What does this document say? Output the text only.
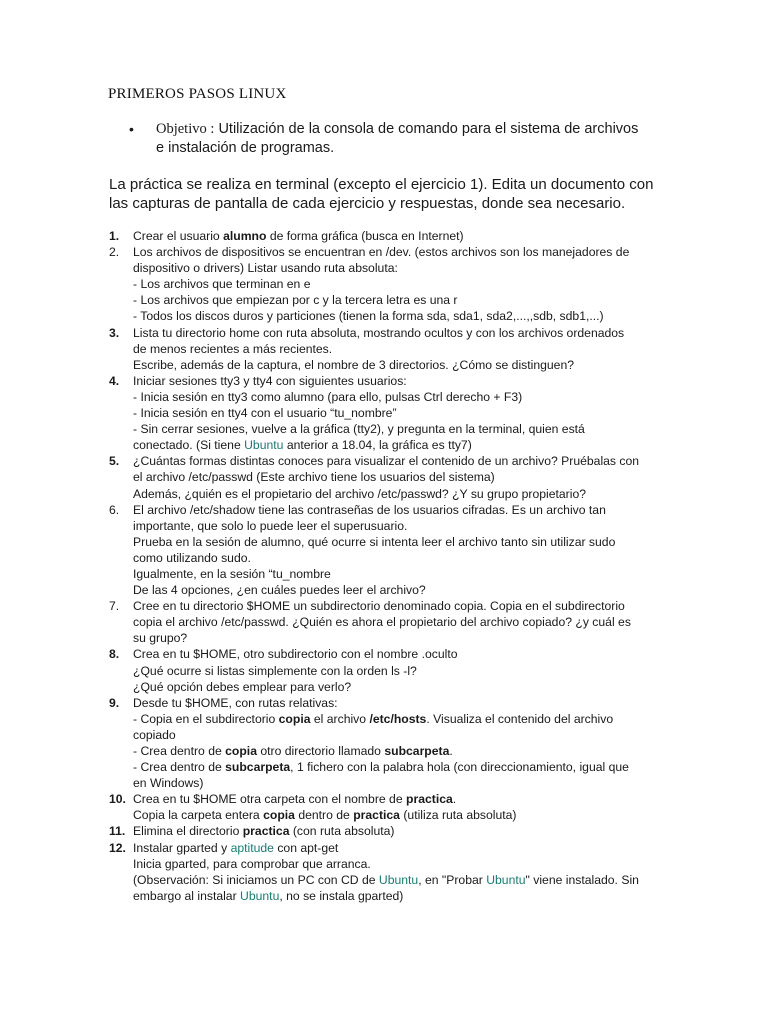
PRIMEROS PASOS LINUX
• Objetivo : Utilización de la consola de comando para el sistema de archivos
e instalación de programas.

La práctica se realiza en terminal (excepto el ejercicio 1). Edita un documento con
las capturas de pantalla de cada ejercicio y respuestas, donde sea necesario.

1. Crear el usuario alumno de forma gráfica (busca en Internet)
2. Los archivos de dispositivos se encuentran en /dev. (estos archivos son los manejadores de
dispositivo o drivers) Listar usando ruta absoluta:
- Los archivos que terminan en e
- Los archivos que empiezan por c y la tercera letra es una r
- Todos los discos duros y particiones (tienen la forma sda, sda1, sda2,...,,sdb, sdb1,...)
3. Lista tu directorio home con ruta absoluta, mostrando ocultos y con los archivos ordenados
de menos recientes a más recientes.
Escribe, además de la captura, el nombre de 3 directorios. ¿Cómo se distinguen?
4. Iniciar sesiones tty3 y tty4 con siguientes usuarios:
- Inicia sesión en tty3 como alumno (para ello, pulsas Ctrl derecho + F3)
- Inicia sesión en tty4 con el usuario “tu_nombre”
- Sin cerrar sesiones, vuelve a la gráfica (tty2), y pregunta en la terminal, quien está
conectado. (Si tiene Ubuntu anterior a 18.04, la gráfica es tty7)
5. ¿Cuántas formas distintas conoces para visualizar el contenido de un archivo? Pruébalas con
el archivo /etc/passwd (Este archivo tiene los usuarios del sistema)
Además, ¿quién es el propietario del archivo /etc/passwd? ¿Y su grupo propietario?
6. El archivo /etc/shadow tiene las contraseñas de los usuarios cifradas. Es un archivo tan
importante, que solo lo puede leer el superusuario.
Prueba en la sesión de alumno, qué ocurre si intenta leer el archivo tanto sin utilizar sudo
como utilizando sudo.
Igualmente, en la sesión “tu_nombre
De las 4 opciones, ¿en cuáles puedes leer el archivo?
7. Cree en tu directorio $HOME un subdirectorio denominado copia. Copia en el subdirectorio
copia el archivo /etc/passwd. ¿Quién es ahora el propietario del archivo copiado? ¿y cuál es
su grupo?
8. Crea en tu $HOME, otro subdirectorio con el nombre .oculto
¿Qué ocurre si listas simplemente con la orden ls -l?
¿Qué opción debes emplear para verlo?
9. Desde tu $HOME, con rutas relativas:
- Copia en el subdirectorio copia el archivo /etc/hosts. Visualiza el contenido del archivo
copiado
- Crea dentro de copia otro directorio llamado subcarpeta.
- Crea dentro de subcarpeta, 1 fichero con la palabra hola (con direccionamiento, igual que
en Windows)
10. Crea en tu $HOME otra carpeta con el nombre de practica.
Copia la carpeta entera copia dentro de practica (utiliza ruta absoluta)
11. Elimina el directorio practica (con ruta absoluta)
12. Instalar gparted y aptitude con apt-get
Inicia gparted, para comprobar que arranca.
(Observación: Si iniciamos un PC con CD de Ubuntu, en "Probar Ubuntu" viene instalado. Sin
embargo al instalar Ubuntu, no se instala gparted)
